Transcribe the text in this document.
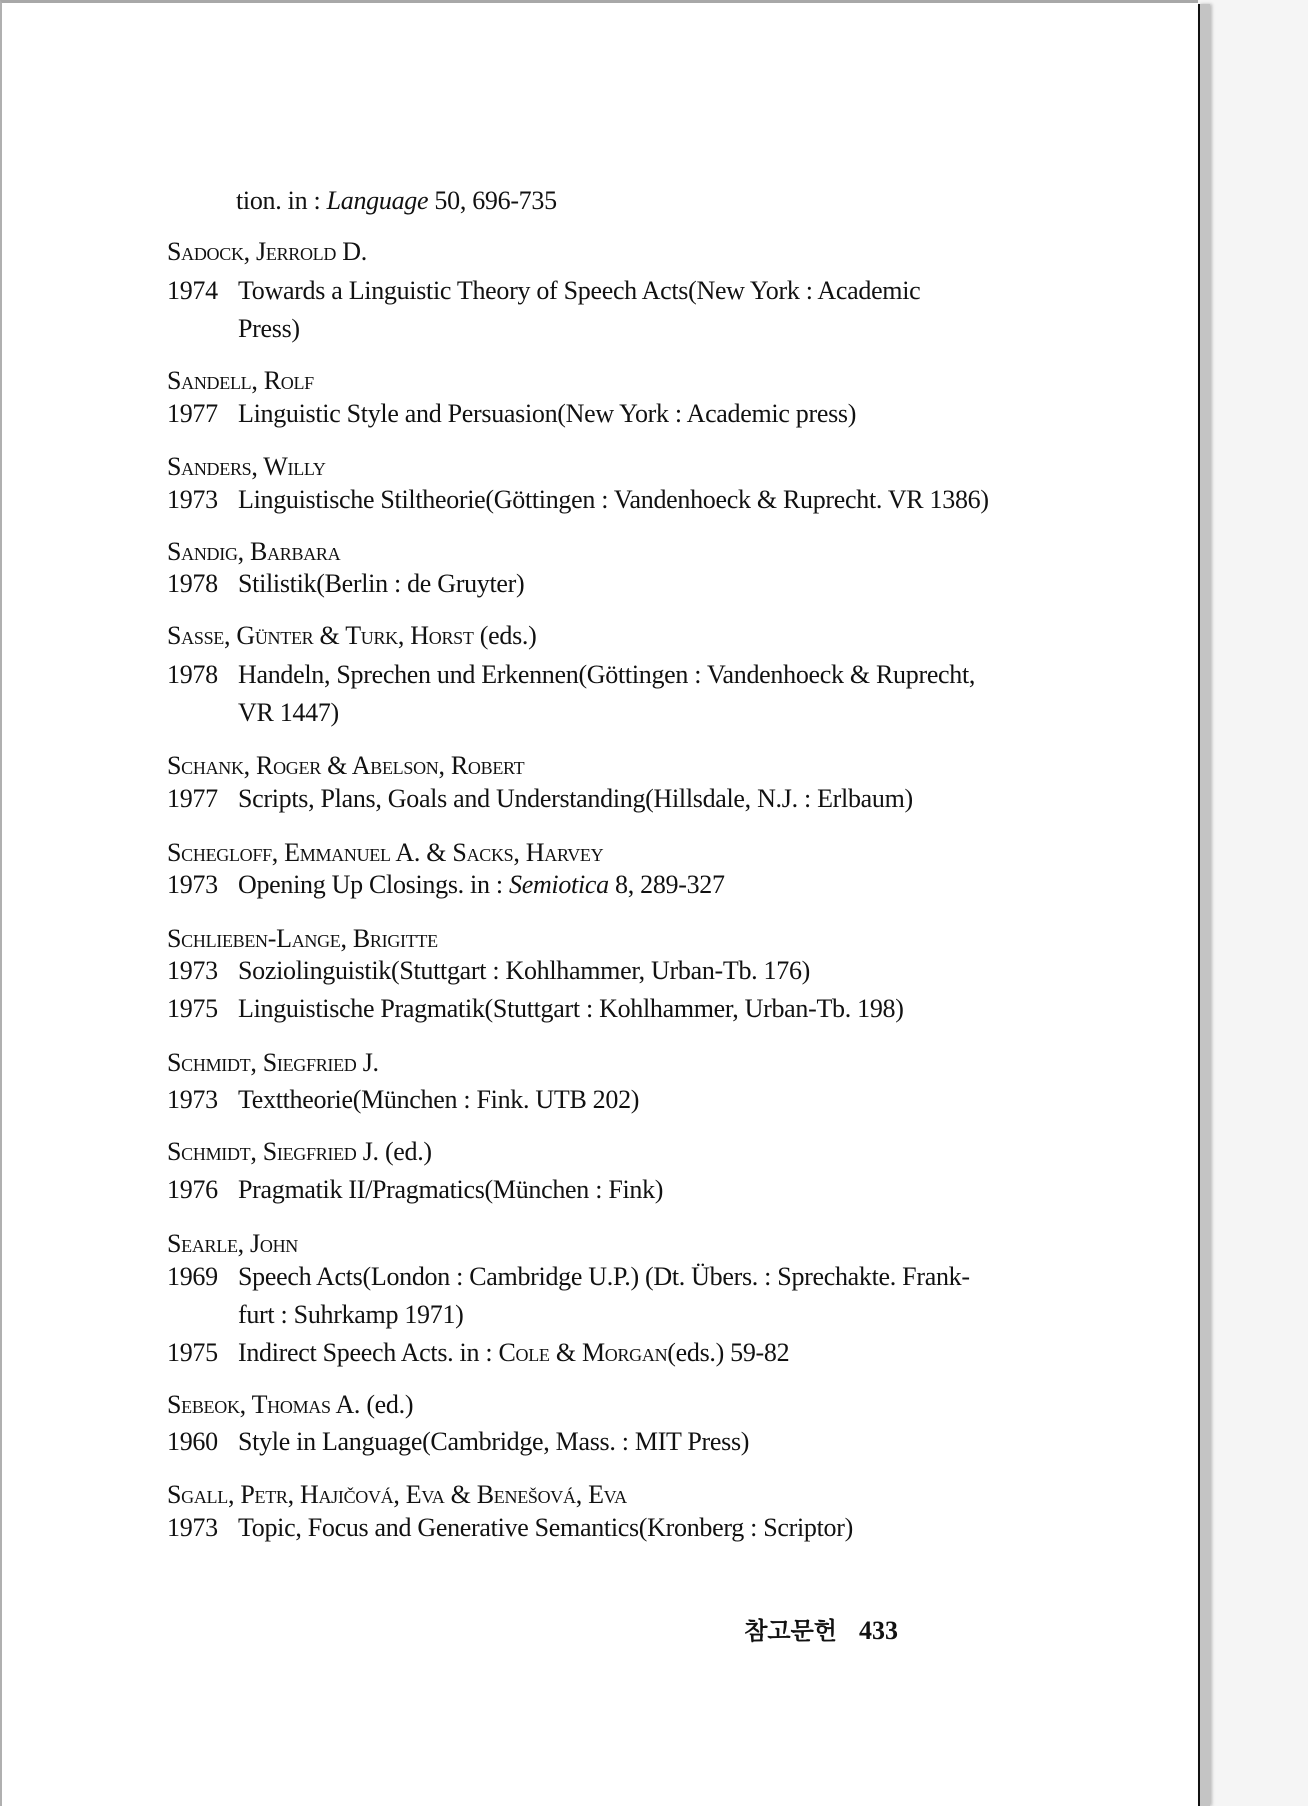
tion. in : Language 50, 696-735
Sadock, Jerrold D.
1974 Towards a Linguistic Theory of Speech Acts(New York : Academic
Press)
Sandell, Rolf
1977 Linguistic Style and Persuasion(New York : Academic press)
Sanders, Willy
1973 Linguistische Stiltheorie(Göttingen : Vandenhoeck & Ruprecht. VR 1386)
Sandig, Barbara
1978 Stilistik(Berlin : de Gruyter)
Sasse, Günter & Turk, Horst (eds.)
1978 Handeln, Sprechen und Erkennen(Göttingen : Vandenhoeck & Ruprecht,
VR 1447)
Schank, Roger & Abelson, Robert
1977 Scripts, Plans, Goals and Understanding(Hillsdale, N.J. : Erlbaum)
Schegloff, Emmanuel A. & Sacks, Harvey
1973 Opening Up Closings. in : Semiotica 8, 289-327
Schlieben-Lange, Brigitte
1973 Soziolinguistik(Stuttgart : Kohlhammer, Urban-Tb. 176)
1975 Linguistische Pragmatik(Stuttgart : Kohlhammer, Urban-Tb. 198)
Schmidt, Siegfried J.
1973 Texttheorie(München : Fink. UTB 202)
Schmidt, Siegfried J. (ed.)
1976 Pragmatik II/Pragmatics(München : Fink)
Searle, John
1969 Speech Acts(London : Cambridge U.P.) (Dt. Übers. : Sprechakte. Frank-
furt : Suhrkamp 1971)
1975 Indirect Speech Acts. in : Cole & Morgan(eds.) 59-82
Sebeok, Thomas A. (ed.)
1960 Style in Language(Cambridge, Mass. : MIT Press)
Sgall, Petr, Hajičová, Eva & Benešová, Eva
1973 Topic, Focus and Generative Semantics(Kronberg : Scriptor)
참고문헌 433
